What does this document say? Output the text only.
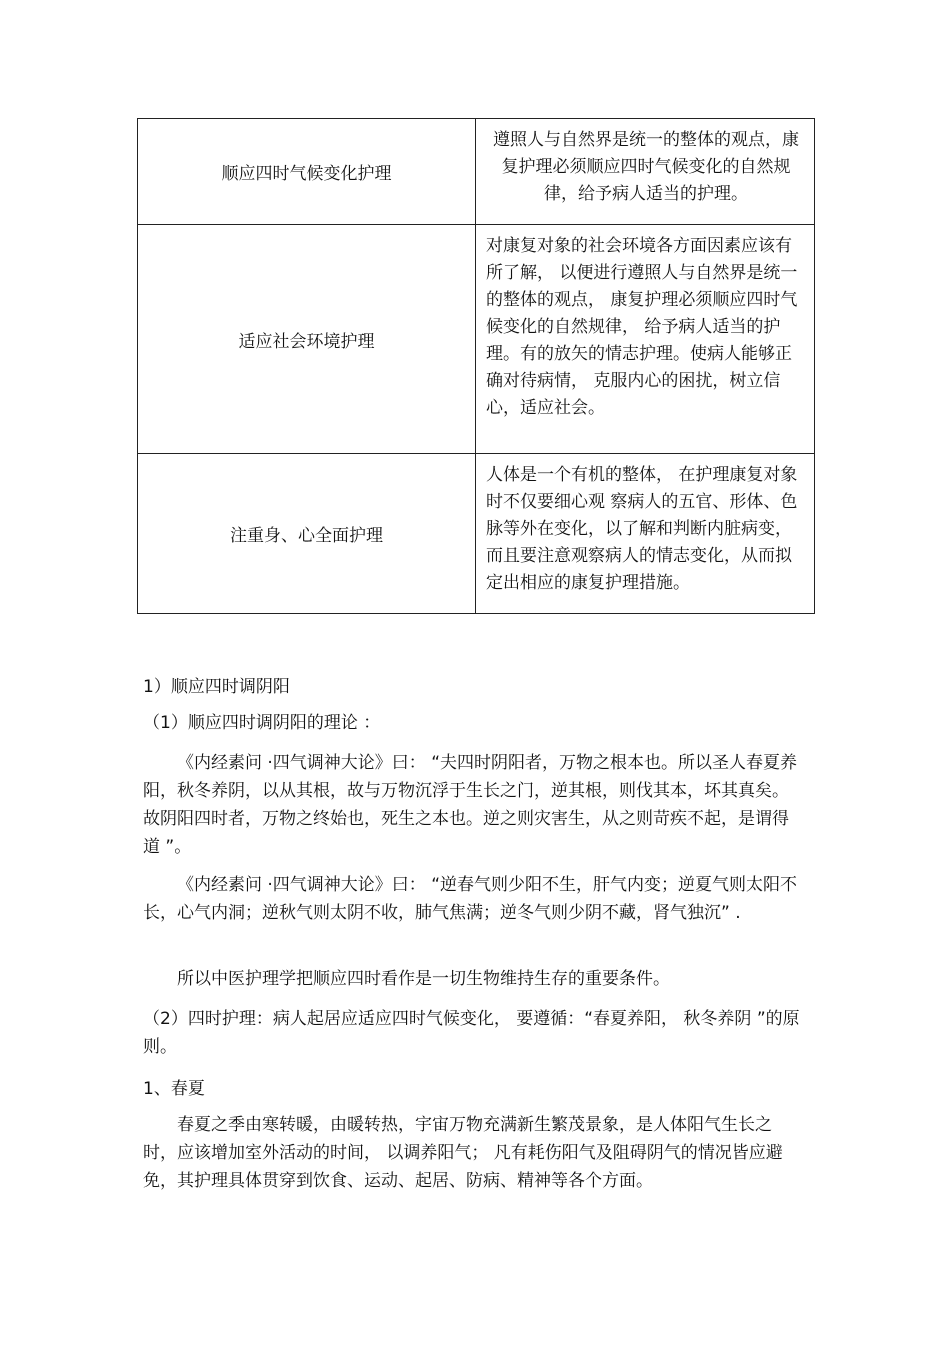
顺应四时气候变化护理	遵照人与自然界是统一的整体的观点，康复护理必须顺应四时气候变化的自然规律，给予病人适当的护理。

适应社会环境护理	对康复对象的社会环境各方面因素应该有所了解， 以便进行遵照人与自然界是统一的整体的观点， 康复护理必须顺应四时气候变化的自然规律， 给予病人适当的护理。有的放矢的情志护理。使病人能够正确对待病情， 克服内心的困扰，树立信心，适应社会。

注重身、心全面护理	人体是一个有机的整体， 在护理康复对象时不仅要细心观 察病人的五官、形体、色脉等外在变化，以了解和判断内脏病变， 而且要注意观察病人的情志变化，从而拟定出相应的康复护理措施。

1）顺应四时调阴阳

（1）顺应四时调阴阳的理论 ：

《内经素问 ·四气调神大论》曰： “夫四时阴阳者，万物之根本也。所以圣人春夏养阳，秋冬养阴，以从其根，故与万物沉浮于生长之门，逆其根，则伐其本，坏其真矣。故阴阳四时者，万物之终始也，死生之本也。逆之则灾害生，从之则苛疾不起，是谓得道 ”。

《内经素问 ·四气调神大论》曰： “逆春气则少阳不生，肝气内变；逆夏气则太阳不长，心气内洞；逆秋气则太阴不收，肺气焦满；逆冬气则少阴不藏，肾气独沉” .

所以中医护理学把顺应四时看作是一切生物维持生存的重要条件。

（2）四时护理：病人起居应适应四时气候变化， 要遵循：“春夏养阳， 秋冬养阴 ”的原则。

1、春夏

春夏之季由寒转暖，由暖转热，宇宙万物充满新生繁茂景象，是人体阳气生长之时，应该增加室外活动的时间， 以调养阳气； 凡有耗伤阳气及阻碍阴气的情况皆应避免，其护理具体贯穿到饮食、运动、起居、防病、精神等各个方面。
